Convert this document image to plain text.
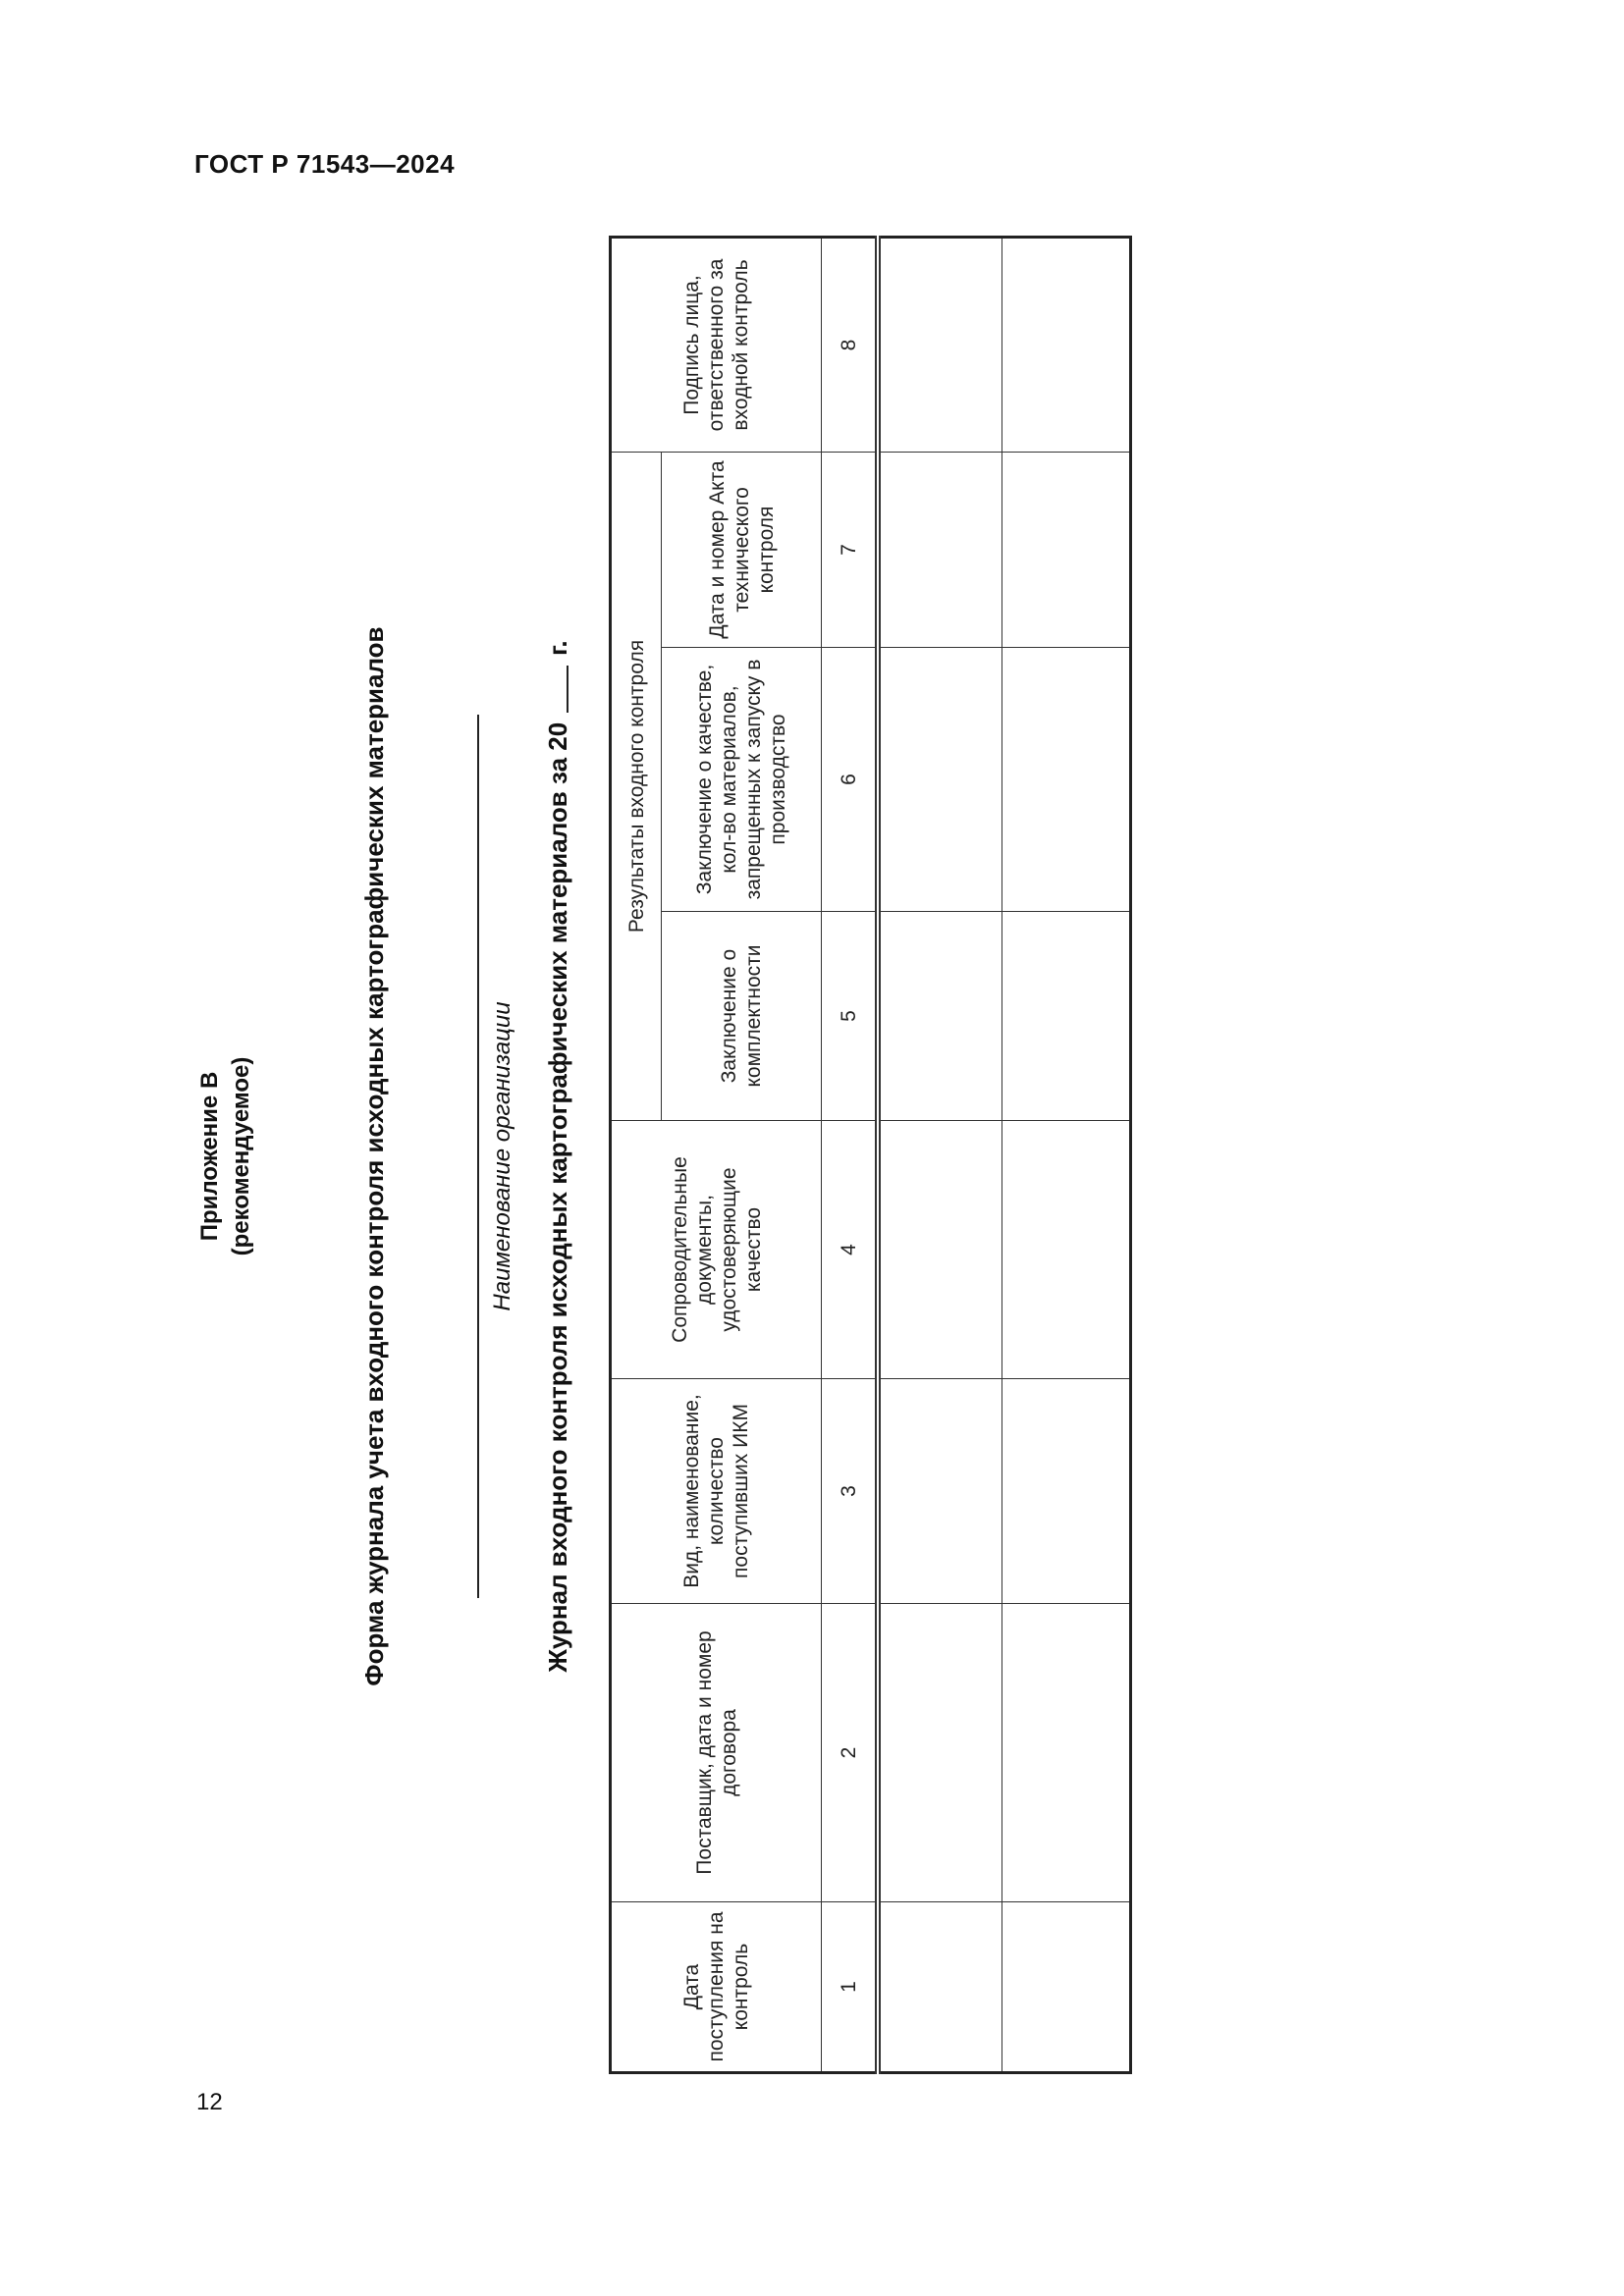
ГОСТ Р 71543—2024
Приложение В (рекомендуемое)	Форма журнала учета входного контроля исходных картографических материалов	Наименование организации Журнал входного контроля исходных картографических материалов за 20г.
Дата поступления на контроль	Поставщик, дата и номер договора	Вид, наименование, количество поступивших ИКМ	Сопроводительные документы, удостоверяющие качество	Результаты входного контроля			Подпись лица, ответственного за входной контроль
				Заключение о комплектности	Заключение о качестве, кол-во материалов, запрещенных к запуску в производство	Дата и номер Акта технического контроля	
1	2	3	4	5	6	7	8

12
